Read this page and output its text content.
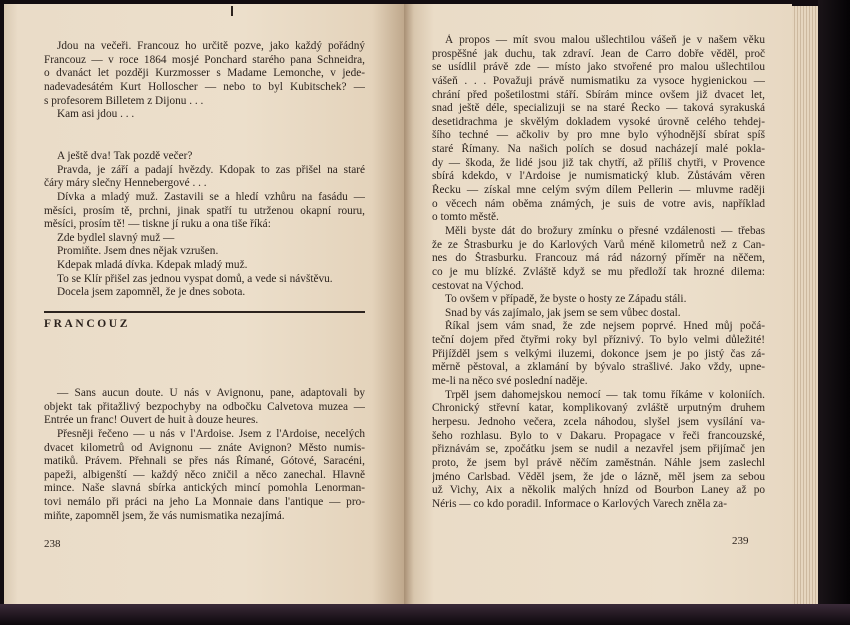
Jdou na večeři. Francouz ho určitě pozve, jako každý pořádný
Francouz — v roce 1864 mosjé Ponchard starého pana Schneidra,
o dvanáct let později Kurzmosser s Madame Lemonche, v jede-
nadevadesátém Kurt Holloscher — nebo to byl Kubitschek? —
s profesorem Billetem z Dijonu . . .
Kam asi jdou . . .
A ještě dva! Tak pozdě večer?
Pravda, je září a padají hvězdy. Kdopak to zas přišel na staré
čáry máry slečny Hennebergové . . .
Dívka a mladý muž. Zastavili se a hledí vzhůru na fasádu —
měsíci, prosím tě, prchni, jinak spatří tu utrženou okapní rouru,
měsíci, prosím tě! — tiskne jí ruku a ona tiše říká:
Zde bydlel slavný muž —
Promiňte. Jsem dnes nějak vzrušen.
Kdepak mladá dívka. Kdepak mladý muž.
To se Klír přišel zas jednou vyspat domů, a vede si návštěvu.
Docela jsem zapomněl, že je dnes sobota.
FRANCOUZ
— Sans aucun doute. U nás v Avignonu, pane, adaptovali by
objekt tak přitažlivý bezpochyby na odbočku Calvetova muzea —
Entrée un franc! Ouvert de huit à douze heures.
Přesněji řečeno — u nás v l'Ardoise. Jsem z l'Ardoise, necelých
dvacet kilometrů od Avignonu — znáte Avignon? Město numis-
matiků. Právem. Přehnali se přes nás Římané, Gótové, Saracéni,
papeži, albigenští — každý něco zničil a něco zanechal. Hlavně
mince. Naše slavná sbírka antických mincí pomohla Lenorman-
tovi nemálo při práci na jeho La Monnaie dans l'antique — pro-
miňte, zapomněl jsem, že vás numismatika nezajímá.
238
À propos — mít svou malou ušlechtilou vášeň je v našem věku
prospěšné jak duchu, tak zdraví. Jean de Carro dobře věděl, proč
se usídlil právě zde — místo jako stvořené pro malou ušlechtilou
vášeň . . . Považuji právě numismatiku za vysoce hygienickou —
chrání před pošetilostmi stáří. Sbírám mince ovšem již dvacet let,
snad ještě déle, specializuji se na staré Řecko — taková syrakuská
desetidrachma je skvělým dokladem vysoké úrovně celého tehdej-
šího techné — ačkoliv by pro mne bylo výhodnější sbírat spíš
staré Římany. Na našich polích se dosud nacházejí malé pokla-
dy — škoda, že lidé jsou již tak chytří, až příliš chytři, v Provence
sbírá kdekdo, v l'Ardoise je numismatický klub. Zůstávám věren
Řecku — získal mne celým svým dílem Pellerin — mluvme raději
o věcech nám oběma známých, je suis de votre avis, například
o tomto městě.
Měli byste dát do brožury zmínku o přesné vzdálenosti — třebas
že ze Štrasburku je do Karlových Varů méně kilometrů než z Can-
nes do Štrasburku. Francouz má rád názorný příměr na něčem,
co je mu blízké. Zvláště když se mu předloží tak hrozné dilema:
cestovat na Východ.
To ovšem v případě, že byste o hosty ze Západu stáli.
Snad by vás zajímalo, jak jsem se sem vůbec dostal.
Říkal jsem vám snad, že zde nejsem poprvé. Hned můj počá-
teční dojem před čtyřmi roky byl příznivý. To bylo velmi důležité!
Přijížděl jsem s velkými iluzemi, dokonce jsem je po jistý čas zá-
měrně pěstoval, a zklamání by bývalo strašlivé. Jako vždy, upne-
me-li na něco své poslední naděje.
Trpěl jsem dahomejskou nemocí — tak tomu říkáme v koloniích.
Chronický střevní katar, komplikovaný zvláště urputným druhem
herpesu. Jednoho večera, zcela náhodou, slyšel jsem vysílání va-
šeho rozhlasu. Bylo to v Dakaru. Propagace v řeči francouzské,
přiznávám se, zpočátku jsem se nudil a nezavřel jsem přijímač jen
proto, že jsem byl právě něčím zaměstnán. Náhle jsem zaslechl
jméno Carlsbad. Věděl jsem, že jde o lázně, měl jsem za sebou
už Vichy, Aix a několik malých hnízd od Bourbon Laney až po
Néris — co kdo poradil. Informace o Karlových Varech zněla za-
239
